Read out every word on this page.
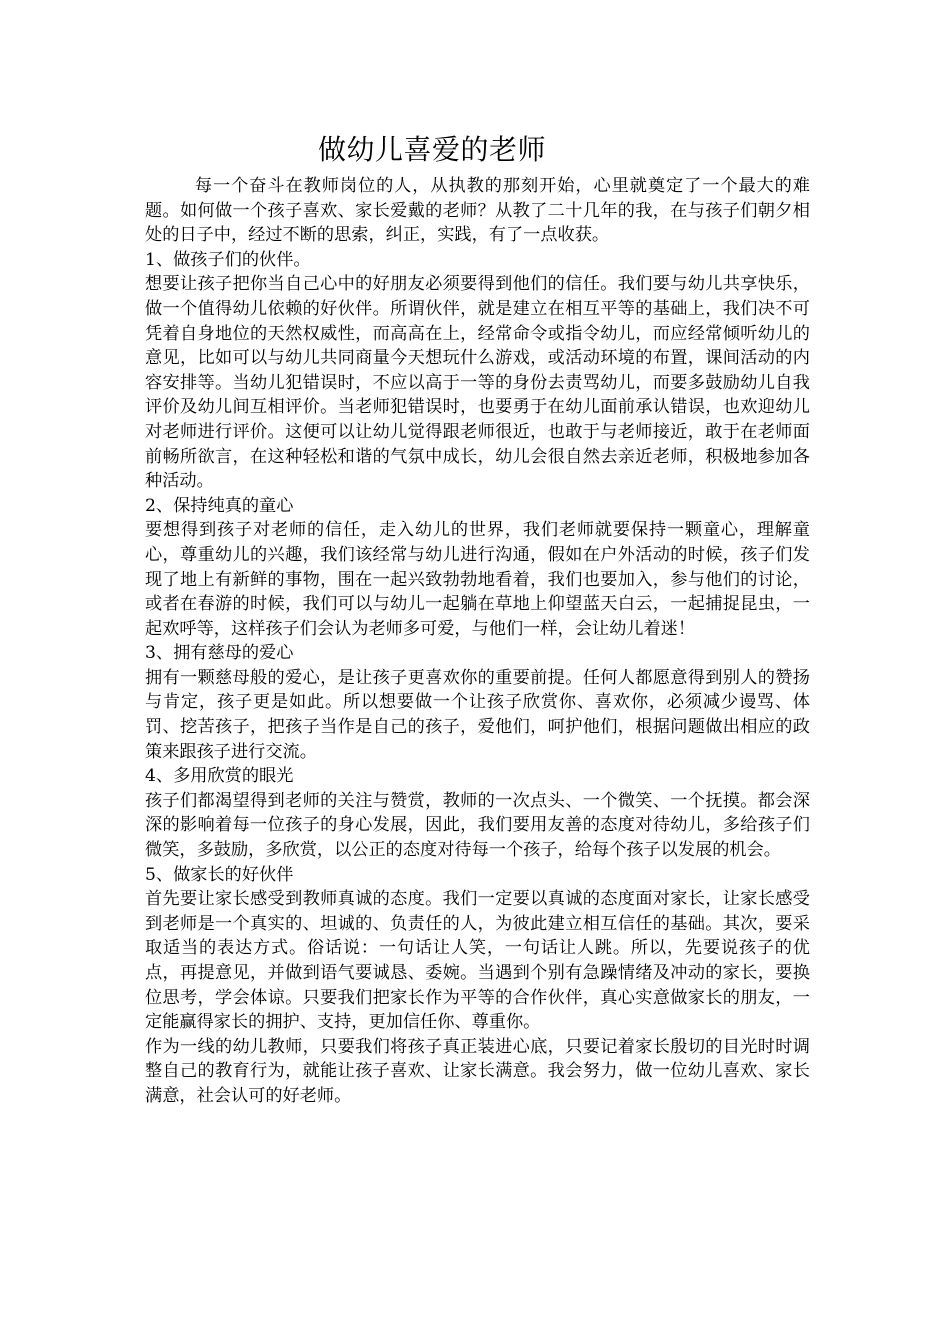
做幼儿喜爱的老师

每一个奋斗在教师岗位的人，从执教的那刻开始，心里就奠定了一个最大的难题。如何做一个孩子喜欢、家长爱戴的老师？从教了二十几年的我，在与孩子们朝夕相处的日子中，经过不断的思索，纠正，实践，有了一点收获。

1、做孩子们的伙伴。

想要让孩子把你当自己心中的好朋友必须要得到他们的信任。我们要与幼儿共享快乐，做一个值得幼儿依赖的好伙伴。所谓伙伴，就是建立在相互平等的基础上，我们决不可凭着自身地位的天然权威性，而高高在上，经常命令或指令幼儿，而应经常倾听幼儿的意见，比如可以与幼儿共同商量今天想玩什么游戏，或活动环境的布置，课间活动的内容安排等。当幼儿犯错误时，不应以高于一等的身份去责骂幼儿，而要多鼓励幼儿自我评价及幼儿间互相评价。当老师犯错误时，也要勇于在幼儿面前承认错误，也欢迎幼儿对老师进行评价。这便可以让幼儿觉得跟老师很近，也敢于与老师接近，敢于在老师面前畅所欲言，在这种轻松和谐的气氛中成长，幼儿会很自然去亲近老师，积极地参加各种活动。

2、保持纯真的童心

要想得到孩子对老师的信任，走入幼儿的世界，我们老师就要保持一颗童心，理解童心，尊重幼儿的兴趣，我们该经常与幼儿进行沟通，假如在户外活动的时候，孩子们发现了地上有新鲜的事物，围在一起兴致勃勃地看着，我们也要加入，参与他们的讨论，或者在春游的时候，我们可以与幼儿一起躺在草地上仰望蓝天白云，一起捕捉昆虫，一起欢呼等，这样孩子们会认为老师多可爱，与他们一样，会让幼儿着迷！

3、拥有慈母的爱心

拥有一颗慈母般的爱心，是让孩子更喜欢你的重要前提。任何人都愿意得到别人的赞扬与肯定，孩子更是如此。所以想要做一个让孩子欣赏你、喜欢你，必须减少谩骂、体罚、挖苦孩子，把孩子当作是自己的孩子，爱他们，呵护他们，根据问题做出相应的政策来跟孩子进行交流。

4、多用欣赏的眼光

孩子们都渴望得到老师的关注与赞赏，教师的一次点头、一个微笑、一个抚摸。都会深深的影响着每一位孩子的身心发展，因此，我们要用友善的态度对待幼儿，多给孩子们微笑，多鼓励，多欣赏，以公正的态度对待每一个孩子，给每个孩子以发展的机会。

5、做家长的好伙伴

首先要让家长感受到教师真诚的态度。我们一定要以真诚的态度面对家长，让家长感受到老师是一个真实的、坦诚的、负责任的人，为彼此建立相互信任的基础。其次，要采取适当的表达方式。俗话说：一句话让人笑，一句话让人跳。所以，先要说孩子的优点，再提意见，并做到语气要诚恳、委婉。当遇到个别有急躁情绪及冲动的家长，要换位思考，学会体谅。只要我们把家长作为平等的合作伙伴，真心实意做家长的朋友，一定能赢得家长的拥护、支持，更加信任你、尊重你。

作为一线的幼儿教师，只要我们将孩子真正装进心底，只要记着家长殷切的目光时时调整自己的教育行为，就能让孩子喜欢、让家长满意。我会努力，做一位幼儿喜欢、家长满意，社会认可的好老师。
